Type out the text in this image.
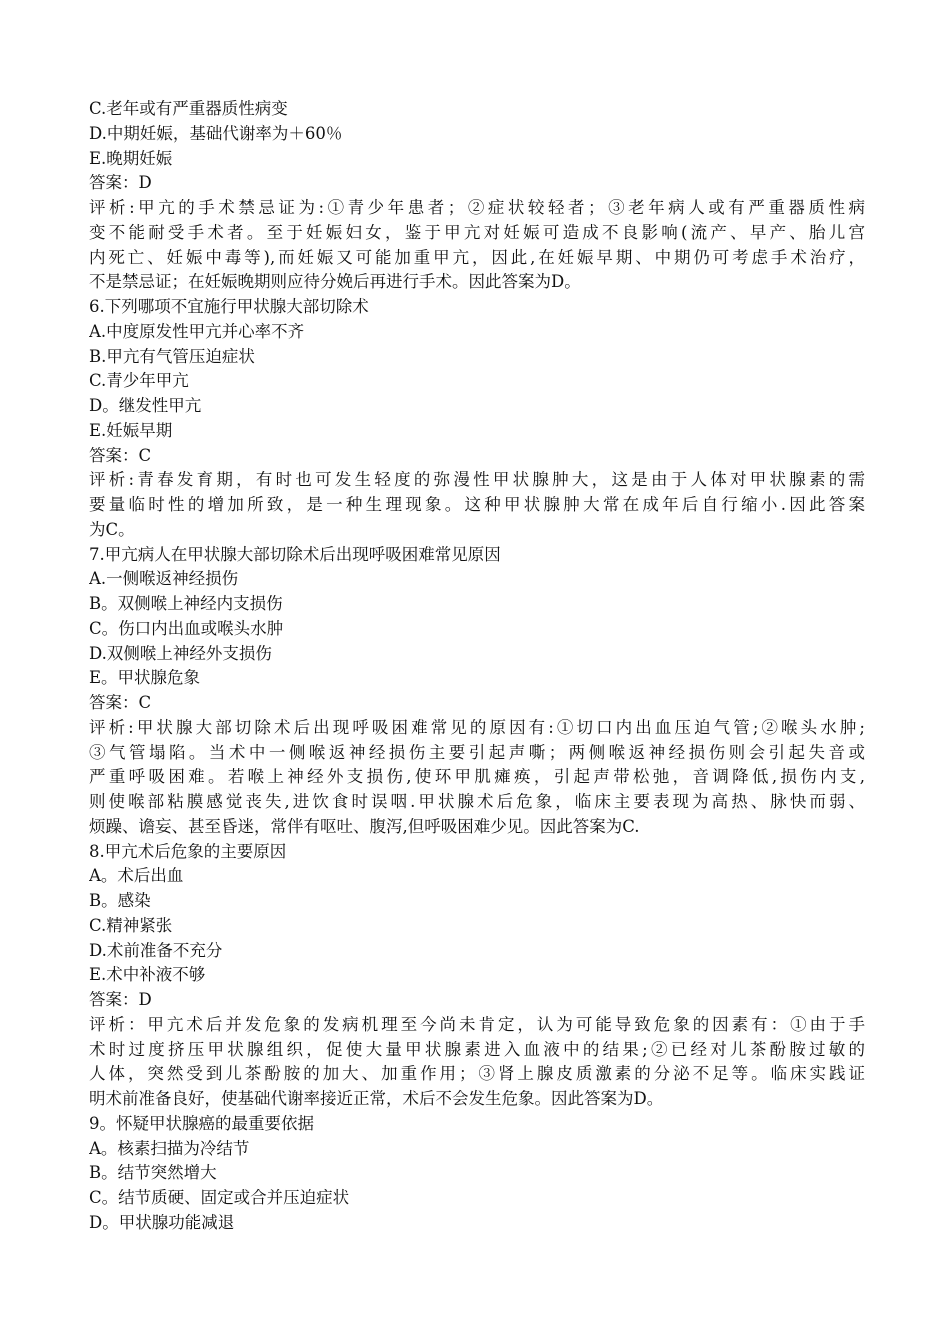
C.老年或有严重器质性病变
D.中期妊娠，基础代谢率为＋60％
E.晚期妊娠
答案：D
评析:甲亢的手术禁忌证为:①青少年患者；②症状较轻者；③老年病人或有严重器质性病
变不能耐受手术者。至于妊娠妇女，鉴于甲亢对妊娠可造成不良影响(流产、早产、胎儿宫
内死亡、妊娠中毒等),而妊娠又可能加重甲亢，因此,在妊娠早期、中期仍可考虑手术治疗，
不是禁忌证；在妊娠晚期则应待分娩后再进行手术。因此答案为D。
6.下列哪项不宜施行甲状腺大部切除术
A.中度原发性甲亢并心率不齐
B.甲亢有气管压迫症状
C.青少年甲亢
D。继发性甲亢
E.妊娠早期
答案：C
评析:青春发育期，有时也可发生轻度的弥漫性甲状腺肿大，这是由于人体对甲状腺素的需
要量临时性的增加所致，是一种生理现象。这种甲状腺肿大常在成年后自行缩小.因此答案
为C。
7.甲亢病人在甲状腺大部切除术后出现呼吸困难常见原因
A.一侧喉返神经损伤
B。双侧喉上神经内支损伤
C。伤口内出血或喉头水肿
D.双侧喉上神经外支损伤
E。甲状腺危象
答案：C
评析:甲状腺大部切除术后出现呼吸困难常见的原因有:①切口内出血压迫气管;②喉头水肿;
③气管塌陷。当术中一侧喉返神经损伤主要引起声嘶；两侧喉返神经损伤则会引起失音或
严重呼吸困难。若喉上神经外支损伤,使环甲肌瘫痪，引起声带松弛，音调降低,损伤内支,
则使喉部粘膜感觉丧失,进饮食时误咽.甲状腺术后危象，临床主要表现为高热、脉快而弱、
烦躁、谵妄、甚至昏迷，常伴有呕吐、腹泻,但呼吸困难少见。因此答案为C.
8.甲亢术后危象的主要原因
A。术后出血
B。感染
C.精神紧张
D.术前准备不充分
E.术中补液不够
答案：D
评析：甲亢术后并发危象的发病机理至今尚未肯定，认为可能导致危象的因素有：①由于手
术时过度挤压甲状腺组织，促使大量甲状腺素进入血液中的结果;②已经对儿茶酚胺过敏的
人体，突然受到儿茶酚胺的加大、加重作用；③肾上腺皮质激素的分泌不足等。临床实践证
明术前准备良好，使基础代谢率接近正常，术后不会发生危象。因此答案为D。
9。怀疑甲状腺癌的最重要依据
A。核素扫描为冷结节
B。结节突然增大
C。结节质硬、固定或合并压迫症状
D。甲状腺功能减退
